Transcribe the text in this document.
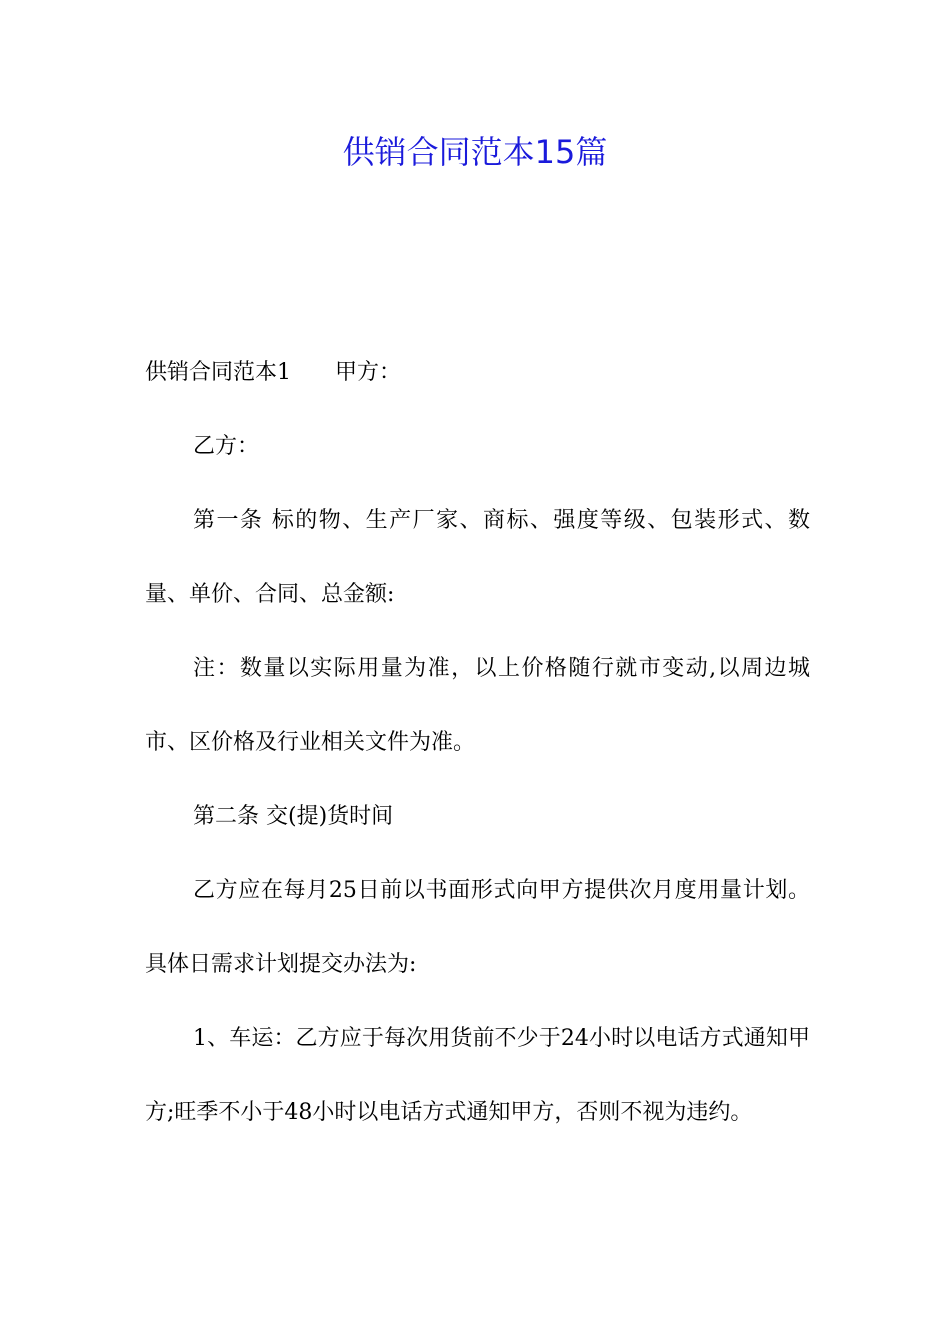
供销合同范本15篇

供销合同范本1 甲方：

乙方：

第一条 标的物、生产厂家、商标、强度等级、包装形式、数量、单价、合同、总金额:

注：数量以实际用量为准，以上价格随行就市变动,以周边城市、区价格及行业相关文件为准。

第二条 交(提)货时间

乙方应在每月25日前以书面形式向甲方提供次月度用量计划。具体日需求计划提交办法为:

1、车运：乙方应于每次用货前不少于24小时以电话方式通知甲方;旺季不小于48小时以电话方式通知甲方，否则不视为违约。
